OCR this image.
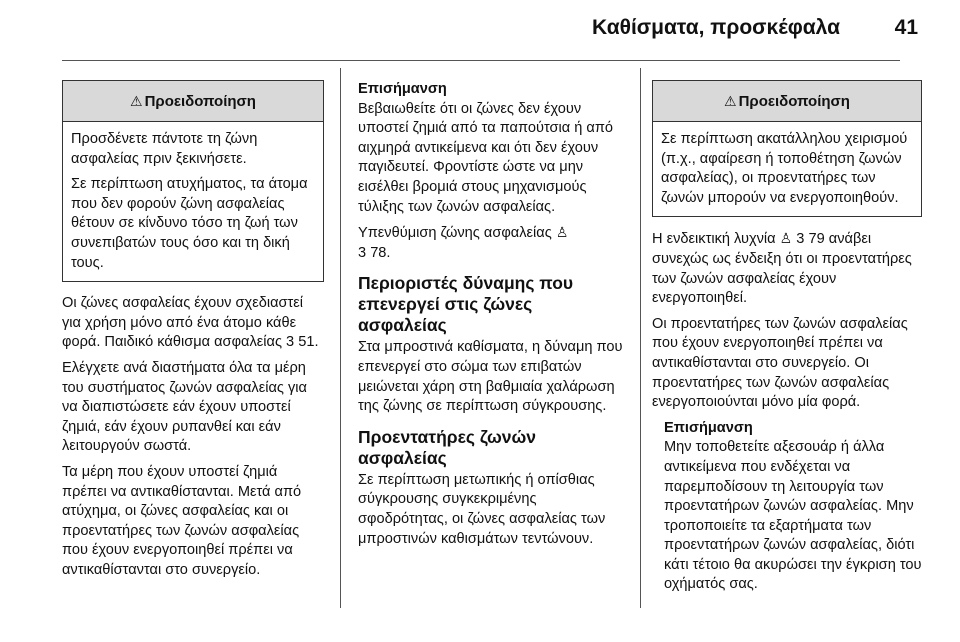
Καθίσματα, προσκέφαλα	41
⚠ Προειδοποίηση

Προσδένετε πάντοτε τη ζώνη ασφαλείας πριν ξεκινήσετε.

Σε περίπτωση ατυχήματος, τα άτομα που δεν φορούν ζώνη ασφαλείας θέτουν σε κίνδυνο τόσο τη ζωή των συνεπιβατών τους όσο και τη δική τους.

Οι ζώνες ασφαλείας έχουν σχεδιαστεί για χρήση μόνο από ένα άτομο κάθε φορά. Παιδικό κάθισμα ασφαλείας 3 51.

Ελέγχετε ανά διαστήματα όλα τα μέρη του συστήματος ζωνών ασφαλείας για να διαπιστώσετε εάν έχουν υποστεί ζημιά, εάν έχουν ρυπανθεί και εάν λειτουργούν σωστά.

Τα μέρη που έχουν υποστεί ζημιά πρέπει να αντικαθίστανται. Μετά από ατύχημα, οι ζώνες ασφαλείας και οι προεντατήρες των ζωνών ασφαλείας που έχουν ενεργοποιηθεί πρέπει να αντικαθίστανται στο συνεργείο.

Επισήμανση
Βεβαιωθείτε ότι οι ζώνες δεν έχουν υποστεί ζημιά από τα παπούτσια ή από αιχμηρά αντικείμενα και ότι δεν έχουν παγιδευτεί. Φροντίστε ώστε να μην εισέλθει βρομιά στους μηχανισμούς τύλιξης των ζωνών ασφαλείας.

Υπενθύμιση ζώνης ασφαλείας ♙
3 78.

Περιοριστές δύναμης που επενεργεί στις ζώνες ασφαλείας

Στα μπροστινά καθίσματα, η δύναμη που επενεργεί στο σώμα των επιβατών μειώνεται χάρη στη βαθμιαία χαλάρωση της ζώνης σε περίπτωση σύγκρουσης.

Προεντατήρες ζωνών ασφαλείας

Σε περίπτωση μετωπικής ή οπίσθιας σύγκρουσης συγκεκριμένης σφοδρότητας, οι ζώνες ασφαλείας των μπροστινών καθισμάτων τεντώνουν.

⚠ Προειδοποίηση

Σε περίπτωση ακατάλληλου χειρισμού (π.χ., αφαίρεση ή τοποθέτηση ζωνών ασφαλείας), οι προεντατήρες των ζωνών μπορούν να ενεργοποιηθούν.

Η ενδεικτική λυχνία ♙ 3 79 ανάβει συνεχώς ως ένδειξη ότι οι προεντατήρες των ζωνών ασφαλείας έχουν ενεργοποιηθεί.

Οι προεντατήρες των ζωνών ασφαλείας που έχουν ενεργοποιηθεί πρέπει να αντικαθίστανται στο συνεργείο. Οι προεντατήρες των ζωνών ασφαλείας ενεργοποιούνται μόνο μία φορά.

Επισήμανση
Μην τοποθετείτε αξεσουάρ ή άλλα αντικείμενα που ενδέχεται να παρεμποδίσουν τη λειτουργία των προεντατήρων ζωνών ασφαλείας. Μην τροποποιείτε τα εξαρτήματα των προεντατήρων ζωνών ασφαλείας, διότι κάτι τέτοιο θα ακυρώσει την έγκριση του οχήματός σας.
